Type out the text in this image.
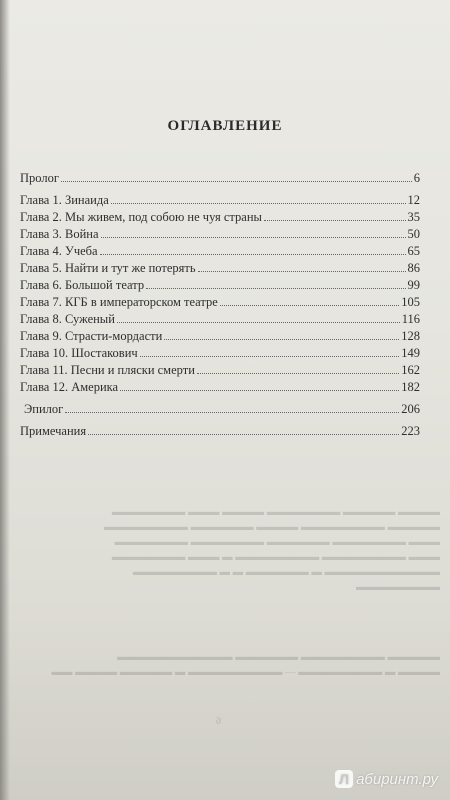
▬▬▬▬ ▬▬▬▬▬ ▬▬▬▬▬▬▬ ▬▬▬▬ ▬▬▬ ▬▬▬▬▬▬▬
▬▬▬▬▬ ▬▬▬▬▬▬▬▬ ▬▬▬▬ ▬▬▬▬▬▬ ▬▬▬▬▬▬▬▬
▬▬▬ ▬▬▬▬▬▬▬ ▬▬▬▬▬▬ ▬▬▬▬▬▬▬ ▬▬▬▬▬▬▬
▬▬▬ ▬▬▬▬▬▬▬▬ ▬▬▬▬▬▬▬▬ ▬ ▬▬▬ ▬▬▬▬▬▬▬
▬▬▬▬▬▬▬▬▬▬▬ ▬ ▬▬▬▬▬▬ ▬ ▬ ▬▬▬▬▬▬▬▬
▬▬▬▬▬▬▬▬
▬▬▬▬▬ ▬▬▬▬▬▬▬▬ ▬▬▬▬▬▬ ▬▬▬▬▬▬▬▬▬▬▬
▬▬▬▬ ▬ ▬▬▬▬▬▬▬▬ — ▬▬▬▬▬▬▬▬▬ ▬ ▬▬▬▬▬ ▬▬▬▬ ▬▬
6
ОГЛАВЛЕНИЕ
Пролог	6
Глава 1. Зинаида	12
Глава 2. Мы живем, под собою не чуя страны	35
Глава 3. Война	50
Глава 4. Учеба	65
Глава 5. Найти и тут же потерять	86
Глава 6. Большой театр	99
Глава 7. КГБ в императорском театре	105
Глава 8. Суженый	116
Глава 9. Страсти-мордасти	128
Глава 10. Шостакович	149
Глава 11. Песни и пляски смерти	162
Глава 12. Америка	182
Эпилог	206
Примечания	223
Л абиринт.ру
